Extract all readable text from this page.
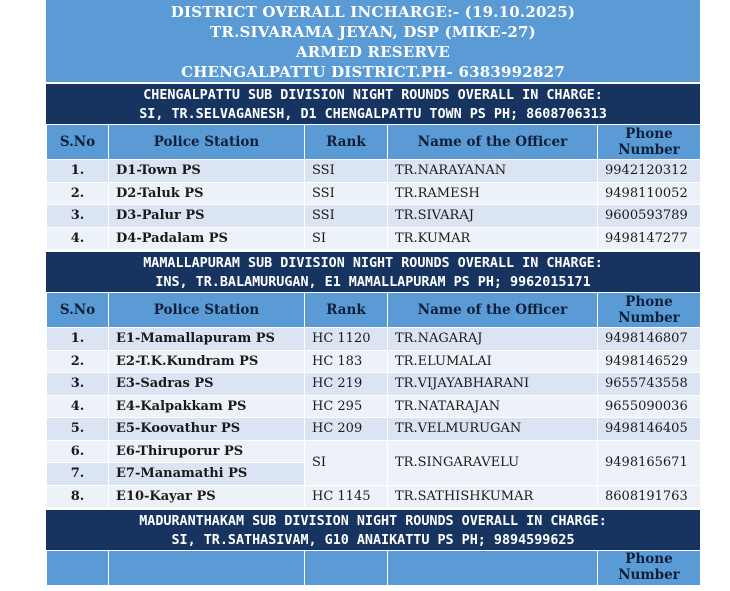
DISTRICT OVERALL INCHARGE:- (19.10.2025)
TR.SIVARAMA JEYAN, DSP (MIKE-27)
ARMED RESERVE
CHENGALPATTU DISTRICT.PH- 6383992827
CHENGALPATTU SUB DIVISION NIGHT ROUNDS OVERALL IN CHARGE:
SI, TR.SELVAGANESH, D1 CHENGALPATTU TOWN PS PH; 8608706313
S.No	Police Station	Rank	Name of the Officer	Phone Number
1.	D1-Town PS	SSI	TR.NARAYANAN	9942120312
2.	D2-Taluk PS	SSI	TR.RAMESH	9498110052
3.	D3-Palur PS	SSI	TR.SIVARAJ	9600593789
4.	D4-Padalam PS	SI	TR.KUMAR	9498147277
MAMALLAPURAM SUB DIVISION NIGHT ROUNDS OVERALL IN CHARGE:
INS, TR.BALAMURUGAN, E1 MAMALLAPURAM PS PH; 9962015171
S.No	Police Station	Rank	Name of the Officer	Phone Number
1.	E1-Mamallapuram PS	HC 1120	TR.NAGARAJ	9498146807
2.	E2-T.K.Kundram PS	HC 183	TR.ELUMALAI	9498146529
3.	E3-Sadras PS	HC 219	TR.VIJAYABHARANI	9655743558
4.	E4-Kalpakkam PS	HC 295	TR.NATARAJAN	9655090036
5.	E5-Koovathur PS	HC 209	TR.VELMURUGAN	9498146405
6.	E6-Thiruporur PS	SI	TR.SINGARAVELU	9498165671
7.	E7-Manamathi PS			
8.	E10-Kayar PS	HC 1145	TR.SATHISHKUMAR	8608191763
MADURANTHAKAM SUB DIVISION NIGHT ROUNDS OVERALL IN CHARGE:
SI, TR.SATHASIVAM, G10 ANAIKATTU PS PH; 9894599625
				Phone Number
